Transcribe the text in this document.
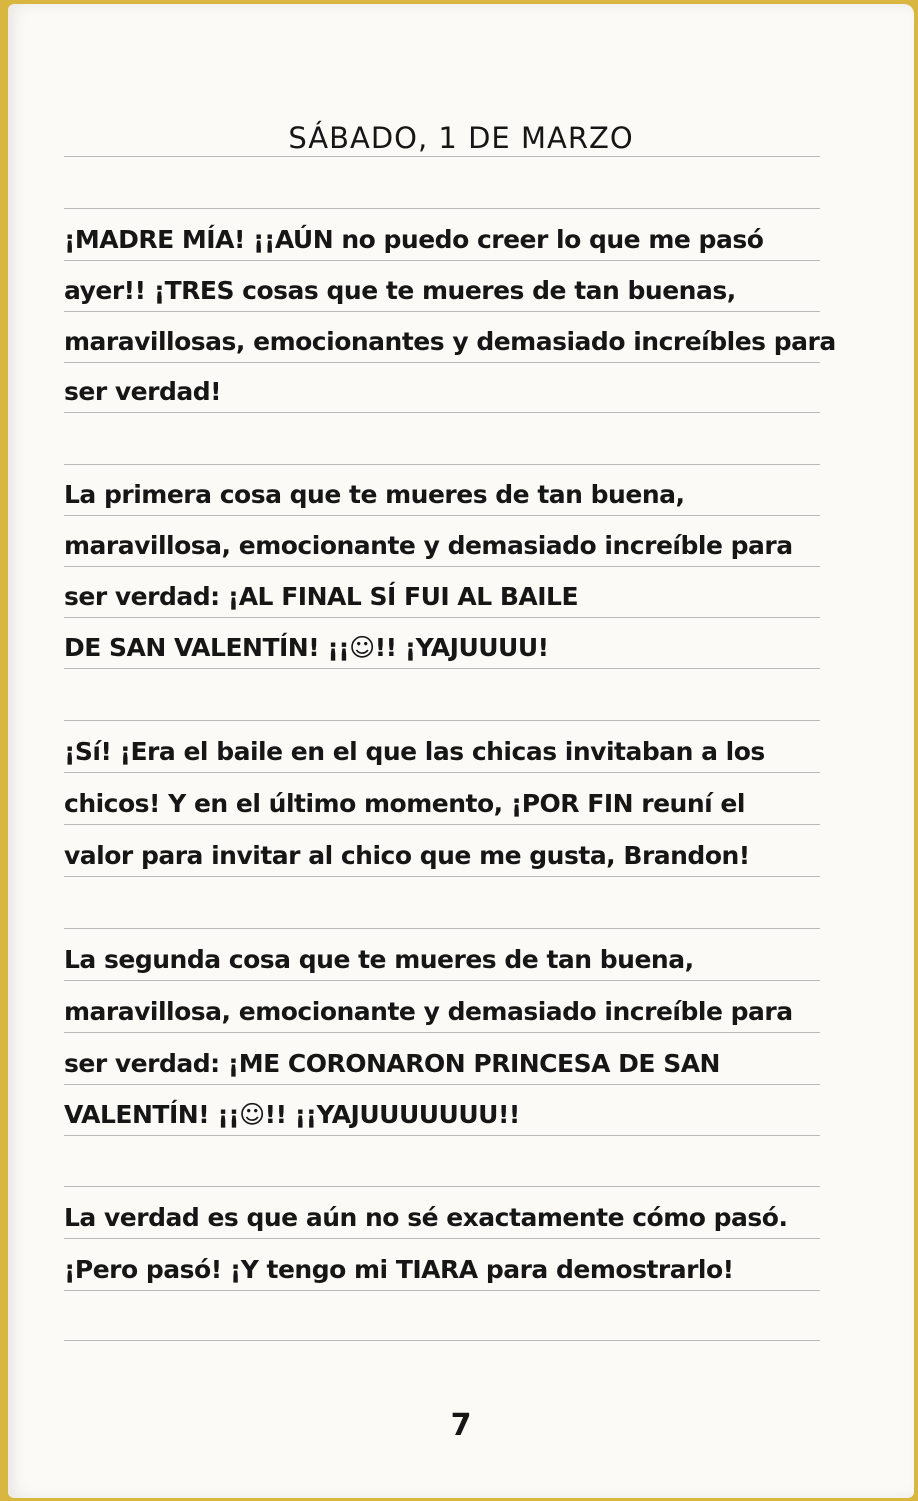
SÁBADO, 1 DE MARZO
¡MADRE MÍA! ¡¡AÚN no puedo creer lo que me pasó
ayer!! ¡TRES cosas que te mueres de tan buenas,
maravillosas, emocionantes y demasiado increíbles para
ser verdad!
La primera cosa que te mueres de tan buena,
maravillosa, emocionante y demasiado increíble para
ser verdad: ¡AL FINAL SÍ FUI AL BAILE
DE SAN VALENTÍN! ¡¡☺!! ¡YAJUUUU!
¡Sí! ¡Era el baile en el que las chicas invitaban a los
chicos! Y en el último momento, ¡POR FIN reuní el
valor para invitar al chico que me gusta, Brandon!
La segunda cosa que te mueres de tan buena,
maravillosa, emocionante y demasiado increíble para
ser verdad: ¡ME CORONARON PRINCESA DE SAN
VALENTÍN! ¡¡☺!! ¡¡YAJUUUUUUU!!
La verdad es que aún no sé exactamente cómo pasó.
¡Pero pasó! ¡Y tengo mi TIARA para demostrarlo!
7
